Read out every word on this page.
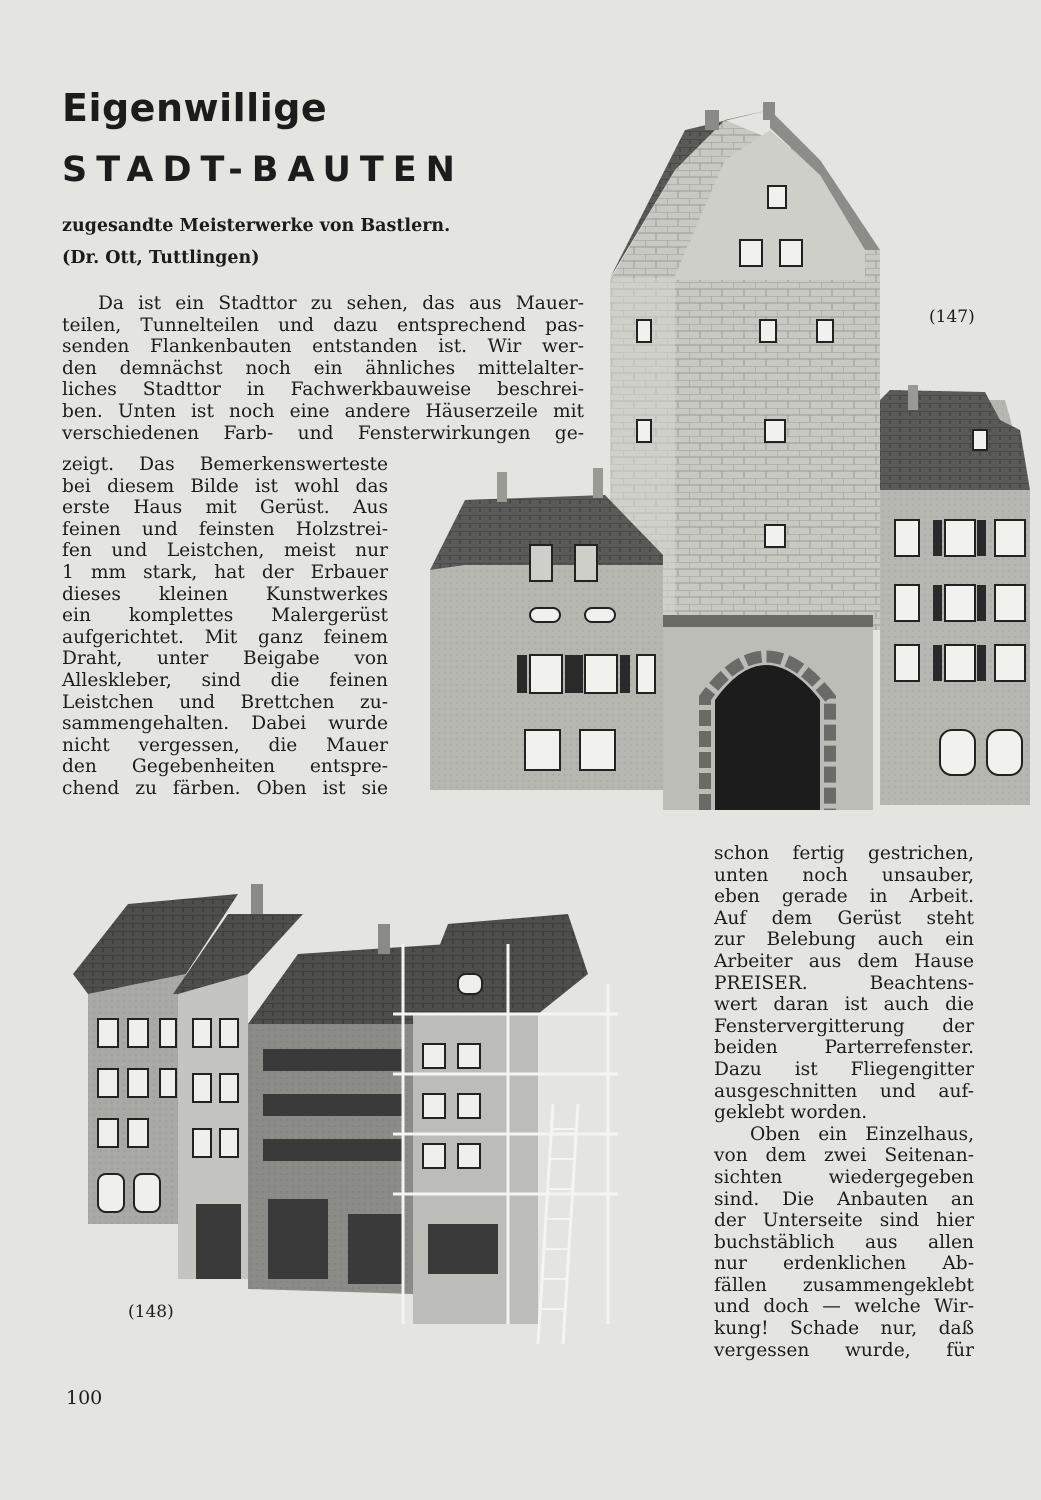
Eigenwillige
STADT-BAUTEN

zugesandte Meisterwerke von Bastlern.

(Dr. Ott, Tuttlingen)

Da ist ein Stadttor zu sehen, das aus Mauer-
teilen, Tunnelteilen und dazu entsprechend pas-
senden Flankenbauten entstanden ist. Wir wer-
den demnächst noch ein ähnliches mittelalter-
liches Stadttor in Fachwerkbauweise beschrei-
ben. Unten ist noch eine andere Häuserzeile mit
verschiedenen Farb- und Fensterwirkungen ge-
zeigt. Das Bemerkenswerteste
bei diesem Bilde ist wohl das
erste Haus mit Gerüst. Aus
feinen und feinsten Holzstrei-
fen und Leistchen, meist nur
1 mm stark, hat der Erbauer
dieses kleinen Kunstwerkes
ein komplettes Malergerüst
aufgerichtet. Mit ganz feinem
Draht, unter Beigabe von
Alleskleber, sind die feinen
Leistchen und Brettchen zu-
sammengehalten. Dabei wurde
nicht vergessen, die Mauer
den Gegebenheiten entspre-
chend zu färben. Oben ist sie
schon fertig gestrichen,
unten noch unsauber,
eben gerade in Arbeit.
Auf dem Gerüst steht
zur Belebung auch ein
Arbeiter aus dem Hause
PREISER. Beachtens-
wert daran ist auch die
Fenstervergitterung der
beiden Parterrefenster.
Dazu ist Fliegengitter
ausgeschnitten und auf-
geklebt worden.
Oben ein Einzelhaus,
von dem zwei Seitenan-
sichten wiedergegeben
sind. Die Anbauten an
der Unterseite sind hier
buchstäblich aus allen
nur erdenklichen Ab-
fällen zusammengeklebt
und doch — welche Wir-
kung! Schade nur, daß
vergessen wurde, für

(147)

(148)

100
